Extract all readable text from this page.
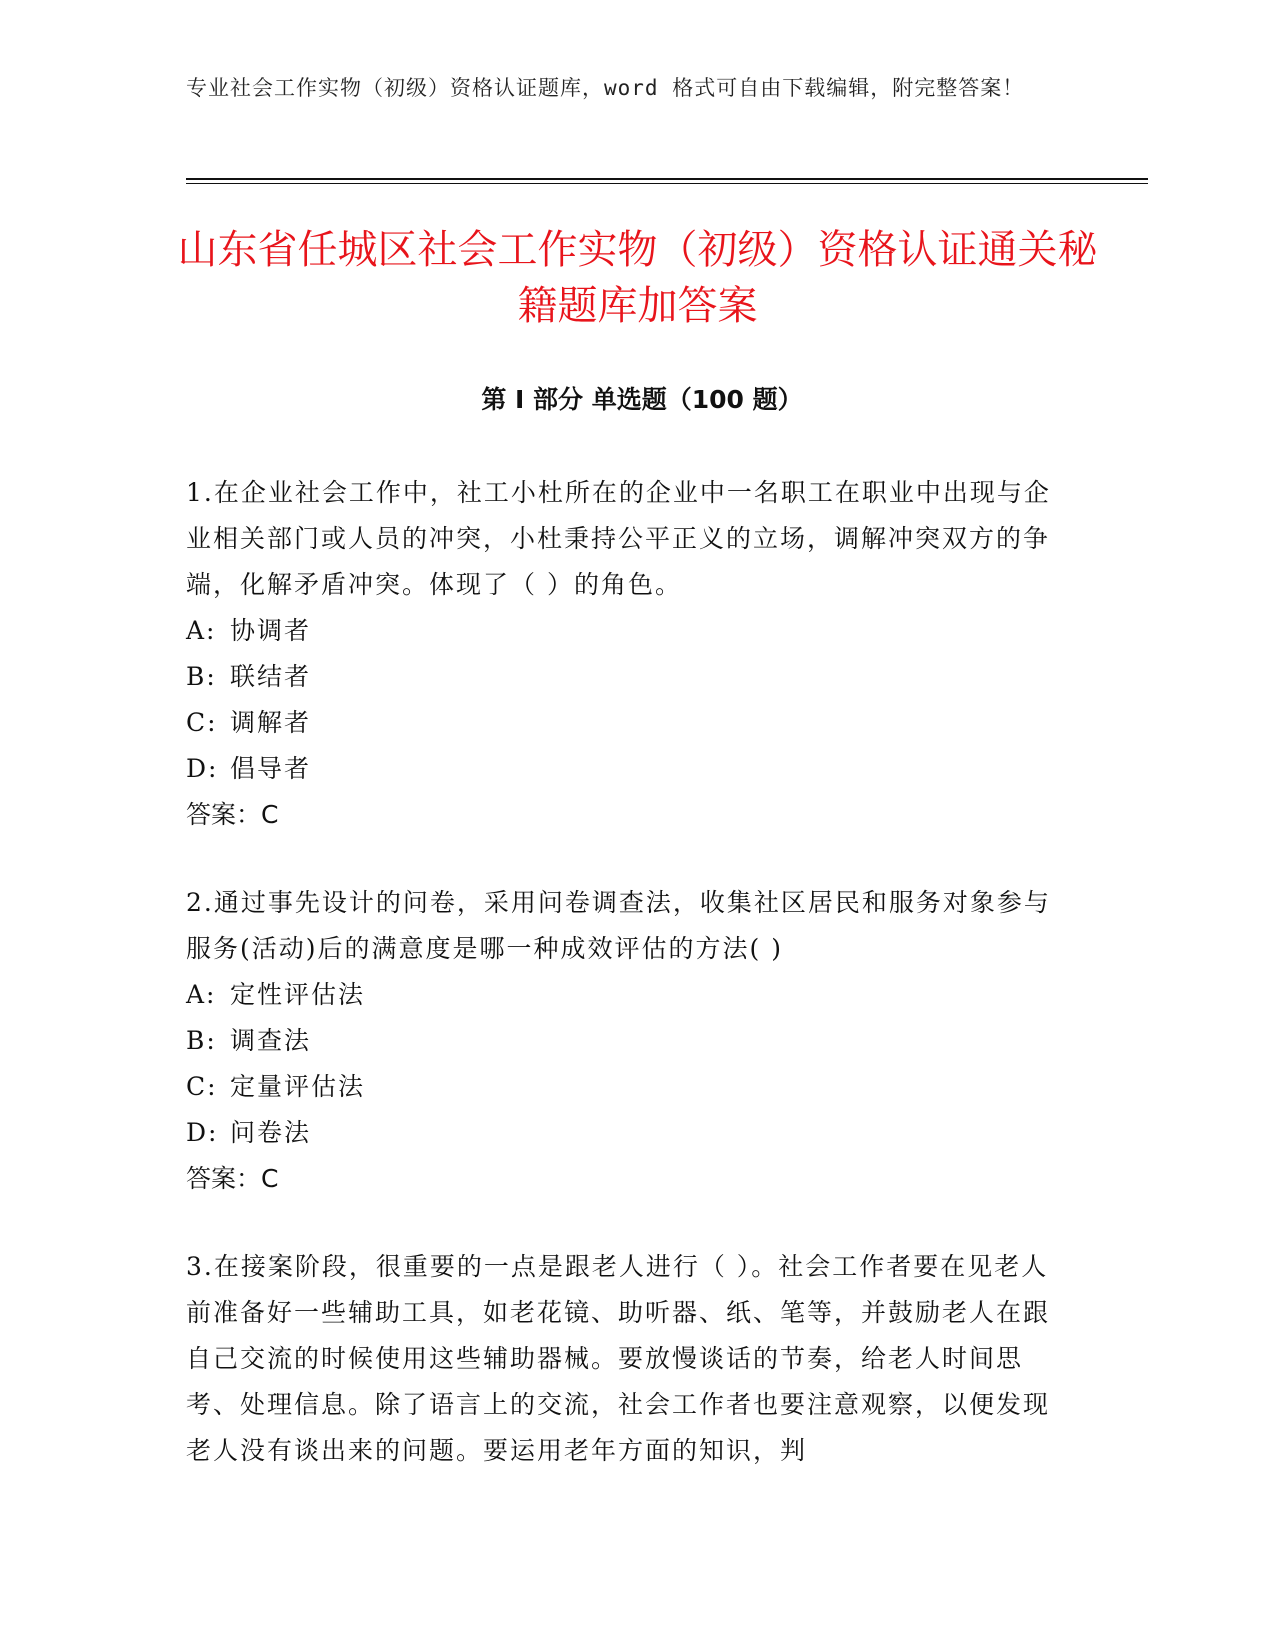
专业社会工作实物（初级）资格认证题库，word 格式可自由下载编辑，附完整答案！
山东省任城区社会工作实物（初级）资格认证通关秘籍题库加答案
第 I 部分 单选题（100 题）

1.在企业社会工作中，社工小杜所在的企业中一名职工在职业中出现与企业相关部门或人员的冲突，小杜秉持公平正义的立场，调解冲突双方的争端，化解矛盾冲突。体现了（ ）的角色。

A: 协调者

B: 联结者

C: 调解者

D: 倡导者

答案：C

2.通过事先设计的问卷，采用问卷调查法，收集社区居民和服务对象参与服务(活动)后的满意度是哪一种成效评估的方法( )

A: 定性评估法

B: 调查法

C: 定量评估法

D: 问卷法

答案：C

3.在接案阶段，很重要的一点是跟老人进行（ ）。社会工作者要在见老人前准备好一些辅助工具，如老花镜、助听器、纸、笔等，并鼓励老人在跟自己交流的时候使用这些辅助器械。要放慢谈话的节奏，给老人时间思考、处理信息。除了语言上的交流，社会工作者也要注意观察，以便发现老人没有谈出来的问题。要运用老年方面的知识，判
